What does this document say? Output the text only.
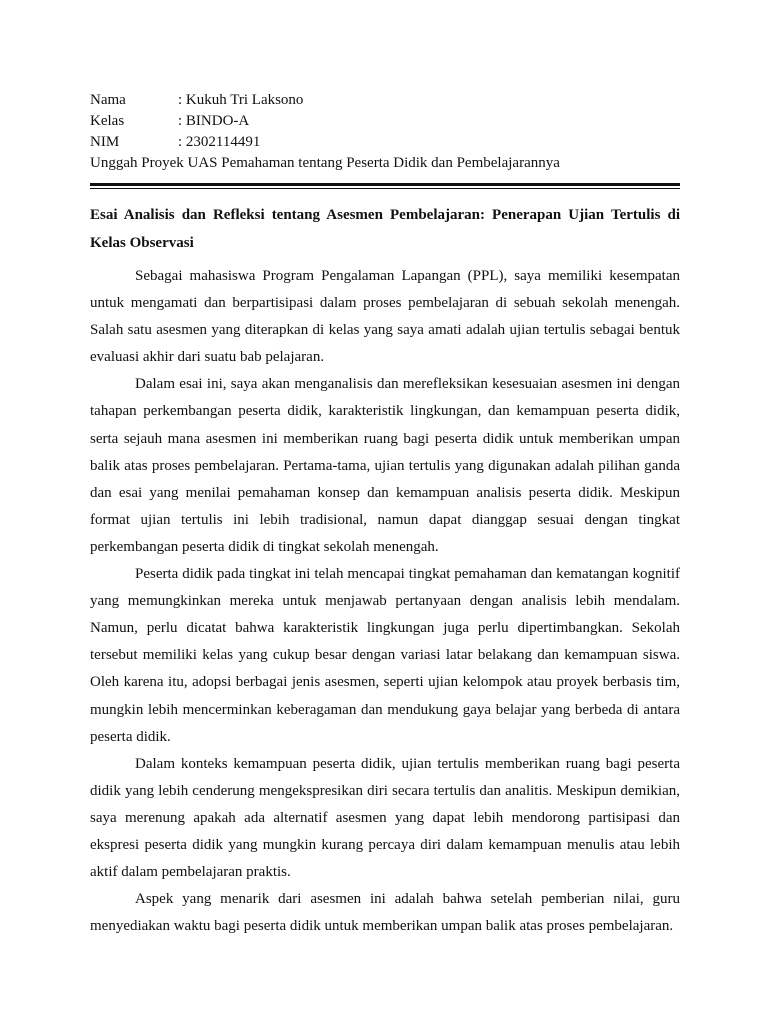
Nama	: Kukuh Tri Laksono
Kelas	: BINDO-A
NIM	: 2302114491
Unggah Proyek UAS Pemahaman tentang Peserta Didik dan Pembelajarannya
Esai Analisis dan Refleksi tentang Asesmen Pembelajaran: Penerapan Ujian Tertulis di Kelas Observasi

Sebagai mahasiswa Program Pengalaman Lapangan (PPL), saya memiliki kesempatan untuk mengamati dan berpartisipasi dalam proses pembelajaran di sebuah sekolah menengah. Salah satu asesmen yang diterapkan di kelas yang saya amati adalah ujian tertulis sebagai bentuk evaluasi akhir dari suatu bab pelajaran.

Dalam esai ini, saya akan menganalisis dan merefleksikan kesesuaian asesmen ini dengan tahapan perkembangan peserta didik, karakteristik lingkungan, dan kemampuan peserta didik, serta sejauh mana asesmen ini memberikan ruang bagi peserta didik untuk memberikan umpan balik atas proses pembelajaran. Pertama-tama, ujian tertulis yang digunakan adalah pilihan ganda dan esai yang menilai pemahaman konsep dan kemampuan analisis peserta didik. Meskipun format ujian tertulis ini lebih tradisional, namun dapat dianggap sesuai dengan tingkat perkembangan peserta didik di tingkat sekolah menengah.

Peserta didik pada tingkat ini telah mencapai tingkat pemahaman dan kematangan kognitif yang memungkinkan mereka untuk menjawab pertanyaan dengan analisis lebih mendalam. Namun, perlu dicatat bahwa karakteristik lingkungan juga perlu dipertimbangkan. Sekolah tersebut memiliki kelas yang cukup besar dengan variasi latar belakang dan kemampuan siswa. Oleh karena itu, adopsi berbagai jenis asesmen, seperti ujian kelompok atau proyek berbasis tim, mungkin lebih mencerminkan keberagaman dan mendukung gaya belajar yang berbeda di antara peserta didik.

Dalam konteks kemampuan peserta didik, ujian tertulis memberikan ruang bagi peserta didik yang lebih cenderung mengekspresikan diri secara tertulis dan analitis. Meskipun demikian, saya merenung apakah ada alternatif asesmen yang dapat lebih mendorong partisipasi dan ekspresi peserta didik yang mungkin kurang percaya diri dalam kemampuan menulis atau lebih aktif dalam pembelajaran praktis.

Aspek yang menarik dari asesmen ini adalah bahwa setelah pemberian nilai, guru menyediakan waktu bagi peserta didik untuk memberikan umpan balik atas proses pembelajaran.
